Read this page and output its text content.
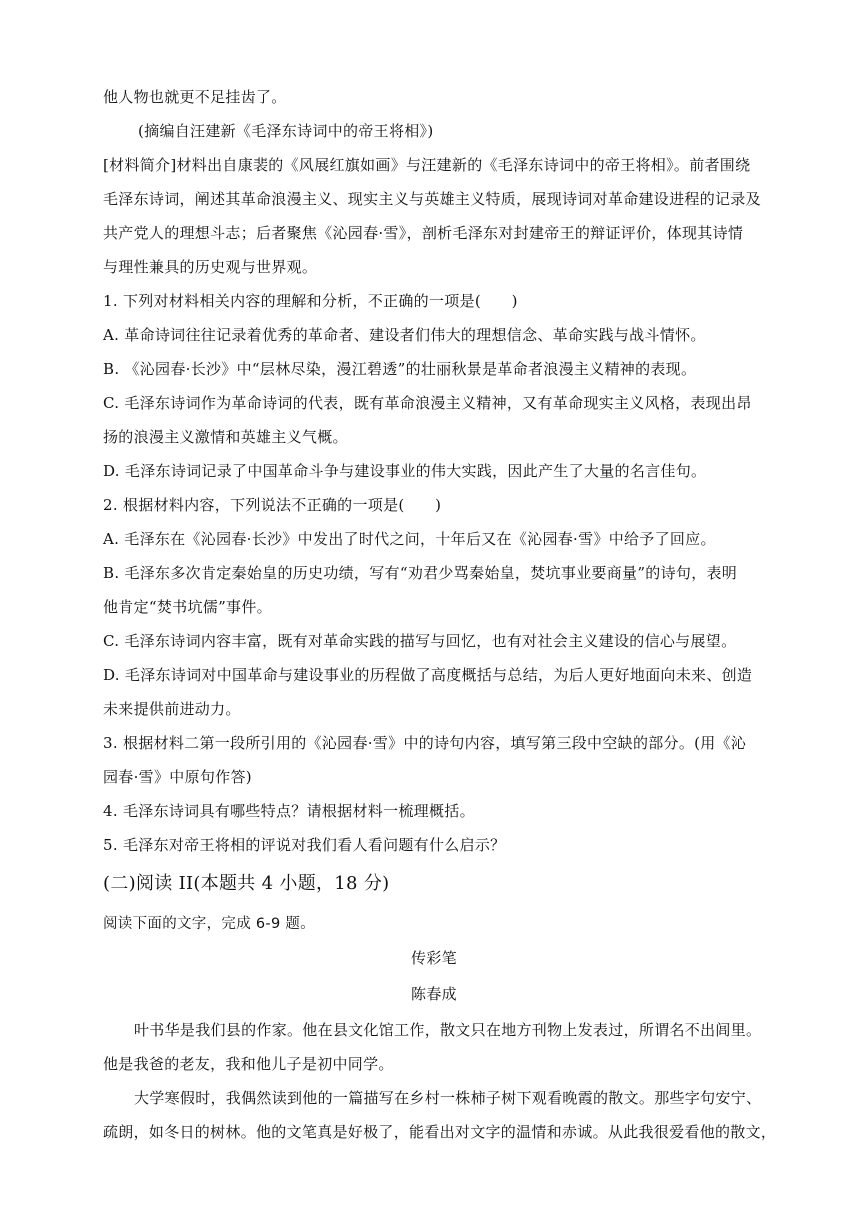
他人物也就更不足挂齿了。
(摘编自汪建新《毛泽东诗词中的帝王将相》)
[材料简介]材料出自康裴的《风展红旗如画》与汪建新的《毛泽东诗词中的帝王将相》。前者围绕
毛泽东诗词，阐述其革命浪漫主义、现实主义与英雄主义特质，展现诗词对革命建设进程的记录及
共产党人的理想斗志；后者聚焦《沁园春·雪》，剖析毛泽东对封建帝王的辩证评价，体现其诗情
与理性兼具的历史观与世界观。
1. 下列对材料相关内容的理解和分析，不正确的一项是(　　)
A. 革命诗词往往记录着优秀的革命者、建设者们伟大的理想信念、革命实践与战斗情怀。
B. 《沁园春·长沙》中“层林尽染，漫江碧透”的壮丽秋景是革命者浪漫主义精神的表现。
C. 毛泽东诗词作为革命诗词的代表，既有革命浪漫主义精神，又有革命现实主义风格，表现出昂
扬的浪漫主义激情和英雄主义气概。
D. 毛泽东诗词记录了中国革命斗争与建设事业的伟大实践，因此产生了大量的名言佳句。
2. 根据材料内容，下列说法不正确的一项是(　　)
A. 毛泽东在《沁园春·长沙》中发出了时代之问，十年后又在《沁园春·雪》中给予了回应。
B. 毛泽东多次肯定秦始皇的历史功绩，写有“劝君少骂秦始皇，焚坑事业要商量”的诗句，表明
他肯定“焚书坑儒”事件。
C. 毛泽东诗词内容丰富，既有对革命实践的描写与回忆，也有对社会主义建设的信心与展望。
D. 毛泽东诗词对中国革命与建设事业的历程做了高度概括与总结，为后人更好地面向未来、创造
未来提供前进动力。
3. 根据材料二第一段所引用的《沁园春·雪》中的诗句内容，填写第三段中空缺的部分。(用《沁
园春·雪》中原句作答)
4. 毛泽东诗词具有哪些特点？请根据材料一梳理概括。
5. 毛泽东对帝王将相的评说对我们看人看问题有什么启示？
(二)阅读 II(本题共 4 小题，18 分)
阅读下面的文字，完成 6-9 题。
传彩笔
陈春成
叶书华是我们县的作家。他在县文化馆工作，散文只在地方刊物上发表过，所谓名不出闾里。
他是我爸的老友，我和他儿子是初中同学。
大学寒假时，我偶然读到他的一篇描写在乡村一株柿子树下观看晚霞的散文。那些字句安宁、
疏朗，如冬日的树林。他的文笔真是好极了，能看出对文字的温情和赤诚。从此我很爱看他的散文，
